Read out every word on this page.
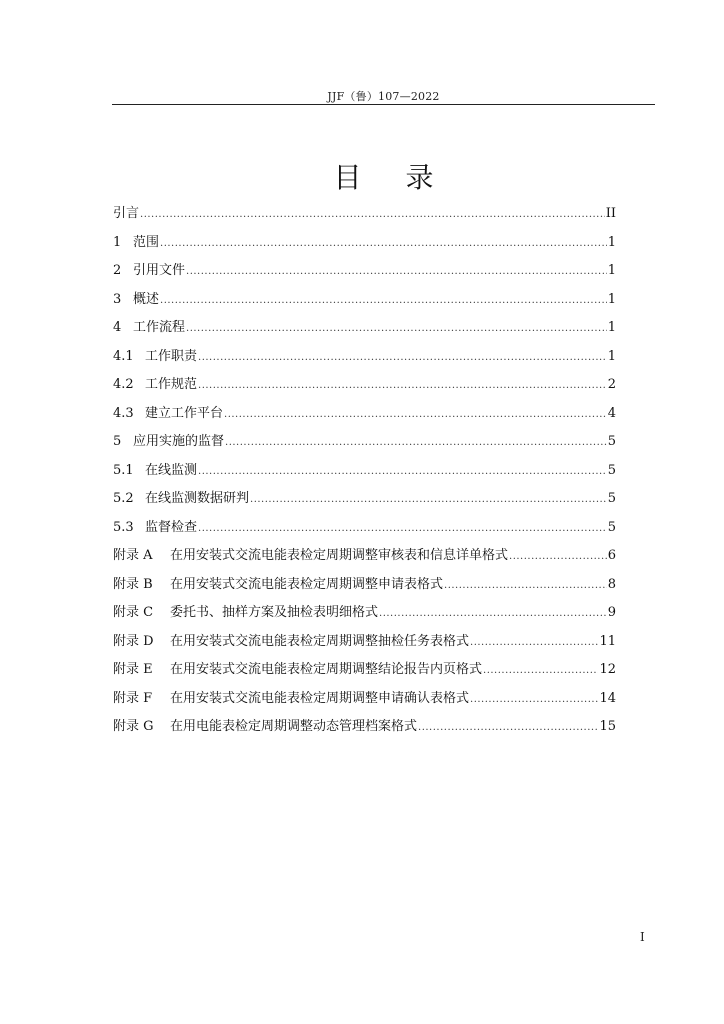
JJF（鲁）107—2022
目录
引言 .....	II
1 范围 .....	1
2 引用文件 .....	1
3 概述 .....	1
4 工作流程 .....	1
4.1 工作职责 .....	1
4.2 工作规范 .....	2
4.3 建立工作平台 .....	4
5 应用实施的监督 .....	5
5.1 在线监测 .....	5
5.2 在线监测数据研判 .....	5
5.3 监督检查 .....	5
附录 A	在用安装式交流电能表检定周期调整审核表和信息详单格式 .....	6
附录 B	在用安装式交流电能表检定周期调整申请表格式 .....	8
附录 C	委托书、抽样方案及抽检表明细格式 .....	9
附录 D	在用安装式交流电能表检定周期调整抽检任务表格式 .....	11
附录 E	在用安装式交流电能表检定周期调整结论报告内页格式 .....	12
附录 F	在用安装式交流电能表检定周期调整申请确认表格式 .....	14
附录 G	在用电能表检定周期调整动态管理档案格式 .....	15
I
